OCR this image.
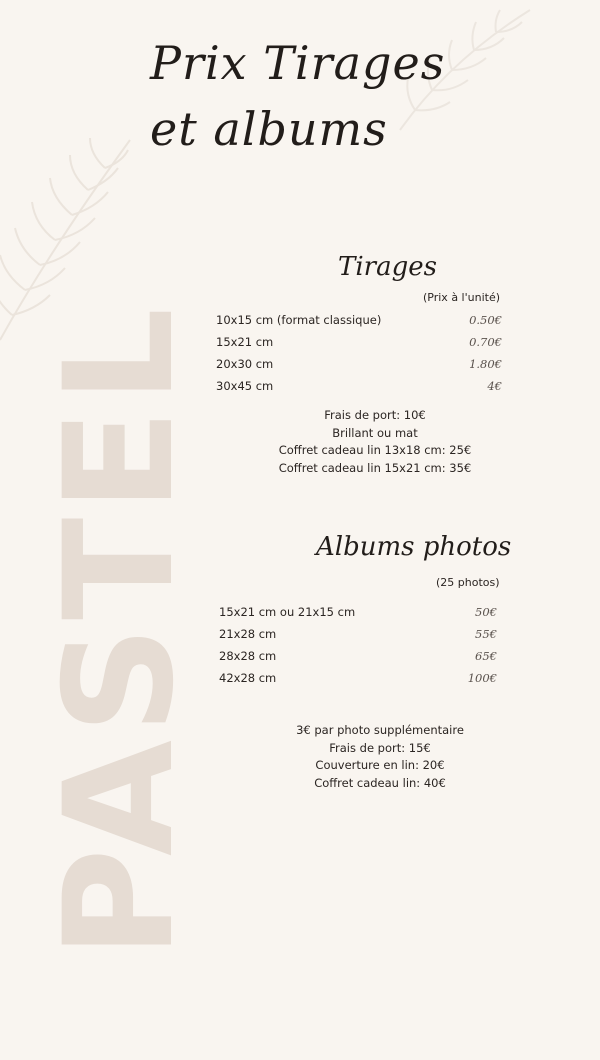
PASTEL
Prix Tirages et albums
Tirages
(Prix à l'unité)
10x15 cm (format classique)	0.50€
15x21 cm	0.70€
20x30 cm	1.80€
30x45 cm	4€
Frais de port: 10€
Brillant ou mat
Coffret cadeau lin 13x18 cm: 25€
Coffret cadeau lin 15x21 cm: 35€
Albums photos
(25 photos)
15x21 cm ou 21x15 cm	50€
21x28 cm	55€
28x28 cm	65€
42x28 cm	100€
3€ par photo supplémentaire
Frais de port: 15€
Couverture en lin: 20€
Coffret cadeau lin: 40€
